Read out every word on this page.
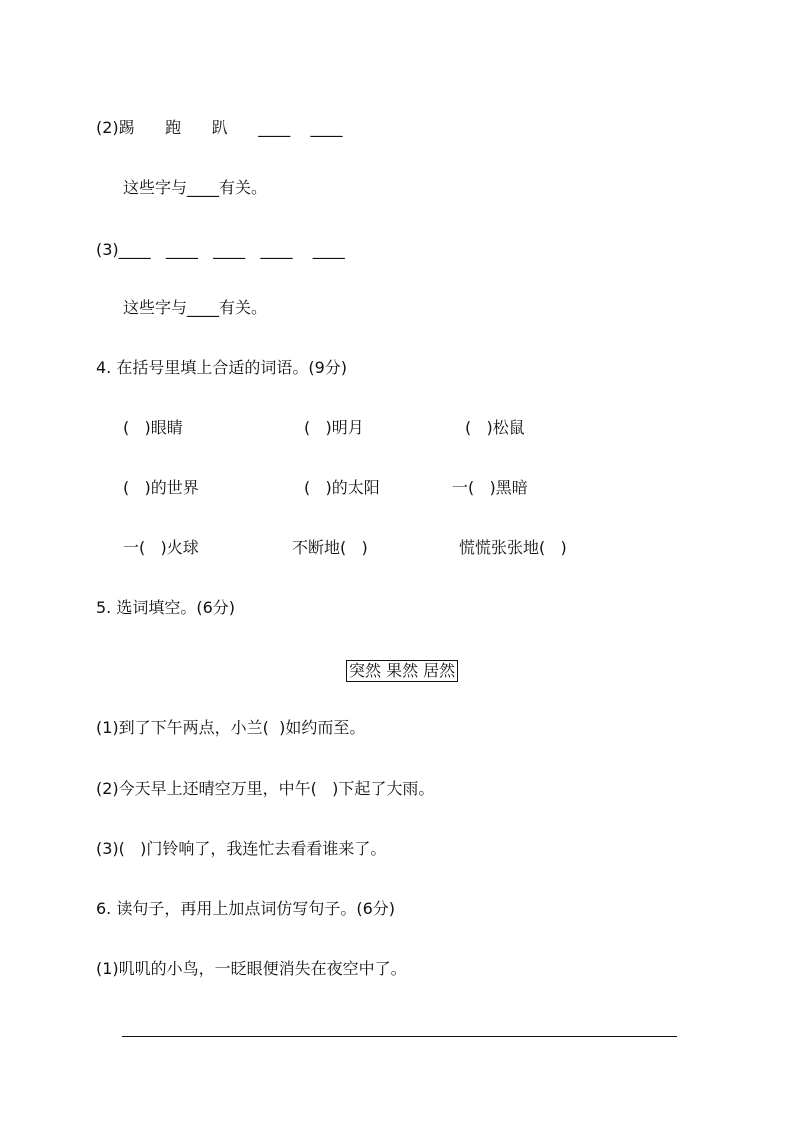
(2)踢      跑      趴      ____    ____
这些字与____有关。
(3)____   ____   ____   ____    ____
这些字与____有关。
4. 在括号里填上合适的词语。(9分)
(   )眼睛	(   )明月	(   )松鼠
(   )的世界	(   )的太阳	一(   )黑暗
一(   )火球	不断地(   )	慌慌张张地(   )
5. 选词填空。(6分)
突然 果然 居然
(1)到了下午两点，小兰(  )如约而至。
(2)今天早上还晴空万里，中午(   )下起了大雨。
(3)(   )门铃响了，我连忙去看看谁来了。
6. 读句子，再用上加点词仿写句子。(6分)
(1)叽叽的小鸟，一眨眼便消失在夜空中了。
